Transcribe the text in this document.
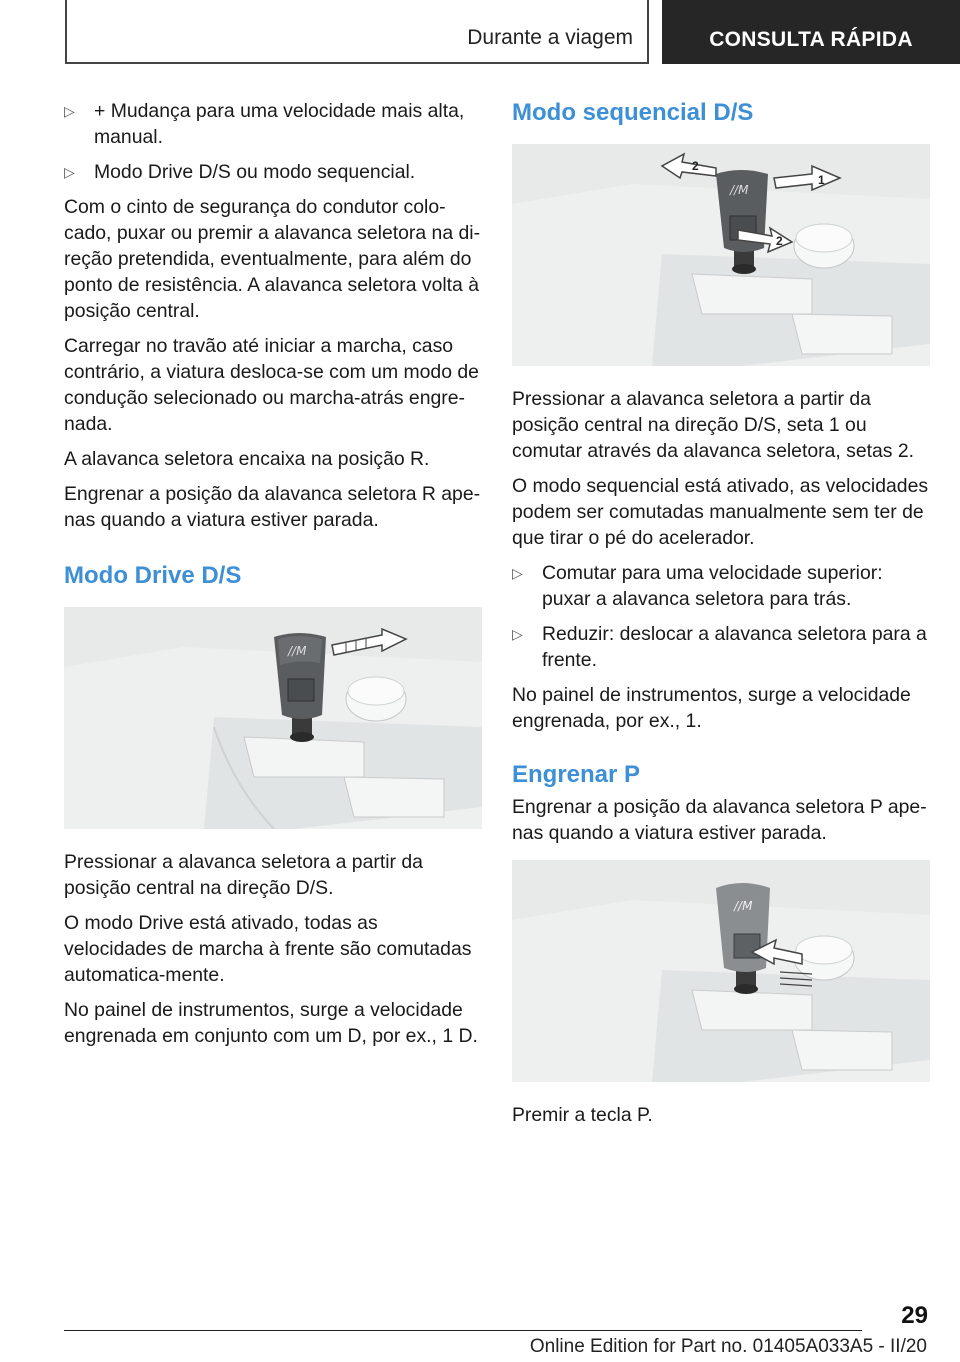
Durante a viagem	CONSULTA RÁPIDA

▷ + Mudança para uma velocidade mais alta, manual.

▷ Modo Drive D/S ou modo sequencial.

Com o cinto de segurança do condutor colo-cado, puxar ou premir a alavanca seletora na di-reção pretendida, eventualmente, para além do ponto de resistência. A alavanca seletora volta à posição central.

Carregar no travão até iniciar a marcha, caso contrário, a viatura desloca-se com um modo de condução selecionado ou marcha-atrás engre-nada.

A alavanca seletora encaixa na posição R.

Engrenar a posição da alavanca seletora R ape-nas quando a viatura estiver parada.

Modo Drive D/S
//M

Pressionar a alavanca seletora a partir da posição central na direção D/S.

O modo Drive está ativado, todas as velocidades de marcha à frente são comutadas automatica-mente.

No painel de instrumentos, surge a velocidade engrenada em conjunto com um D, por ex., 1 D.

Modo sequencial D/S
//M
1
2
2

Pressionar a alavanca seletora a partir da posição central na direção D/S, seta 1 ou comutar através da alavanca seletora, setas 2.

O modo sequencial está ativado, as velocidades podem ser comutadas manualmente sem ter de que tirar o pé do acelerador.

▷ Comutar para uma velocidade superior: puxar a alavanca seletora para trás.

▷ Reduzir: deslocar a alavanca seletora para a frente.

No painel de instrumentos, surge a velocidade engrenada, por ex., 1.

Engrenar P

Engrenar a posição da alavanca seletora P ape-nas quando a viatura estiver parada.

//M

Premir a tecla P.

29
Online Edition for Part no. 01405A033A5 - II/20
